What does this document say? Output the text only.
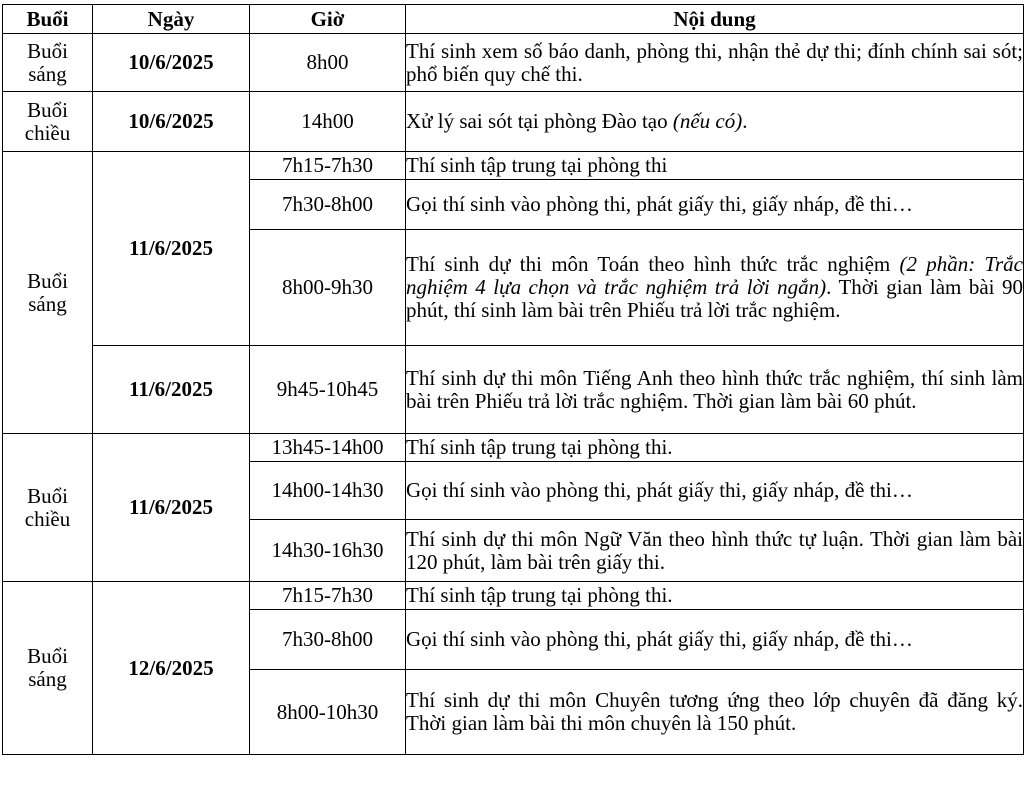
Buổi	Ngày	Giờ	Nội dung

Buổi
sáng	10/6/2025	8h00	Thí sinh xem số báo danh, phòng thi, nhận thẻ dự thi; đính chính sai sót; phổ biến quy chế thi.

Buổi
chiều	10/6/2025	14h00	Xử lý sai sót tại phòng Đào tạo (nếu có).

Buổi
sáng	11/6/2025	7h15-7h30	Thí sinh tập trung tại phòng thi
		7h30-8h00	Gọi thí sinh vào phòng thi, phát giấy thi, giấy nháp, đề thi…
		8h00-9h30	Thí sinh dự thi môn Toán theo hình thức trắc nghiệm (2 phần: Trắc nghiệm 4 lựa chọn và trắc nghiệm trả lời ngắn). Thời gian làm bài 90 phút, thí sinh làm bài trên Phiếu trả lời trắc nghiệm.
	11/6/2025	9h45-10h45	Thí sinh dự thi môn Tiếng Anh theo hình thức trắc nghiệm, thí sinh làm bài trên Phiếu trả lời trắc nghiệm. Thời gian làm bài 60 phút.

Buổi
chiều	11/6/2025	13h45-14h00	Thí sinh tập trung tại phòng thi.
		14h00-14h30	Gọi thí sinh vào phòng thi, phát giấy thi, giấy nháp, đề thi…
		14h30-16h30	Thí sinh dự thi môn Ngữ Văn theo hình thức tự luận. Thời gian làm bài 120 phút, làm bài trên giấy thi.

Buổi
sáng	12/6/2025	7h15-7h30	Thí sinh tập trung tại phòng thi.
		7h30-8h00	Gọi thí sinh vào phòng thi, phát giấy thi, giấy nháp, đề thi…
		8h00-10h30	Thí sinh dự thi môn Chuyên tương ứng theo lớp chuyên đã đăng ký. Thời gian làm bài thi môn chuyên là 150 phút.
